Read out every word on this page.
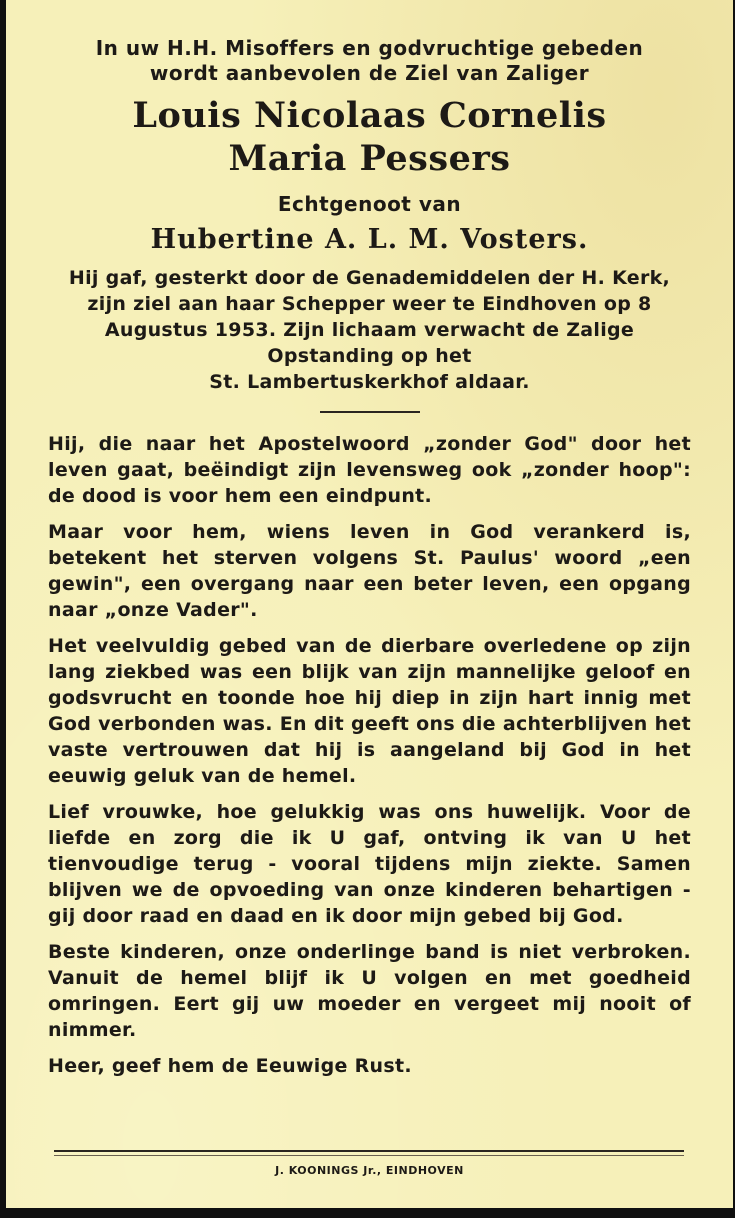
In uw H.H. Misoffers en godvruchtige gebeden
wordt aanbevolen de Ziel van Zaliger
Louis Nicolaas Cornelis
Maria Pessers
Echtgenoot van
Hubertine A. L. M. Vosters.
Hij gaf, gesterkt door de Genademiddelen der H. Kerk, zijn ziel aan haar Schepper weer te Eindhoven op 8 Augustus 1953. Zijn lichaam verwacht de Zalige Opstanding op het
St. Lambertuskerkhof aldaar.

Hij, die naar het Apostelwoord „zonder God" door het leven gaat, beëindigt zijn levensweg ook „zonder hoop": de dood is voor hem een eindpunt.

Maar voor hem, wiens leven in God verankerd is, betekent het sterven volgens St. Paulus' woord „een gewin", een overgang naar een beter leven, een opgang naar „onze Vader".

Het veelvuldig gebed van de dierbare overledene op zijn lang ziekbed was een blijk van zijn mannelijke geloof en godsvrucht en toonde hoe hij diep in zijn hart innig met God verbonden was. En dit geeft ons die achterblijven het vaste vertrouwen dat hij is aangeland bij God in het eeuwig geluk van de hemel.

Lief vrouwke, hoe gelukkig was ons huwelijk. Voor de liefde en zorg die ik U gaf, ontving ik van U het tienvoudige terug - vooral tijdens mijn ziekte. Samen blijven we de opvoeding van onze kinderen behartigen - gij door raad en daad en ik door mijn gebed bij God.

Beste kinderen, onze onderlinge band is niet verbroken. Vanuit de hemel blijf ik U volgen en met goedheid omringen. Eert gij uw moeder en vergeet mij nooit of nimmer.

Heer, geef hem de Eeuwige Rust.

J. KOONINGS Jr., EINDHOVEN
